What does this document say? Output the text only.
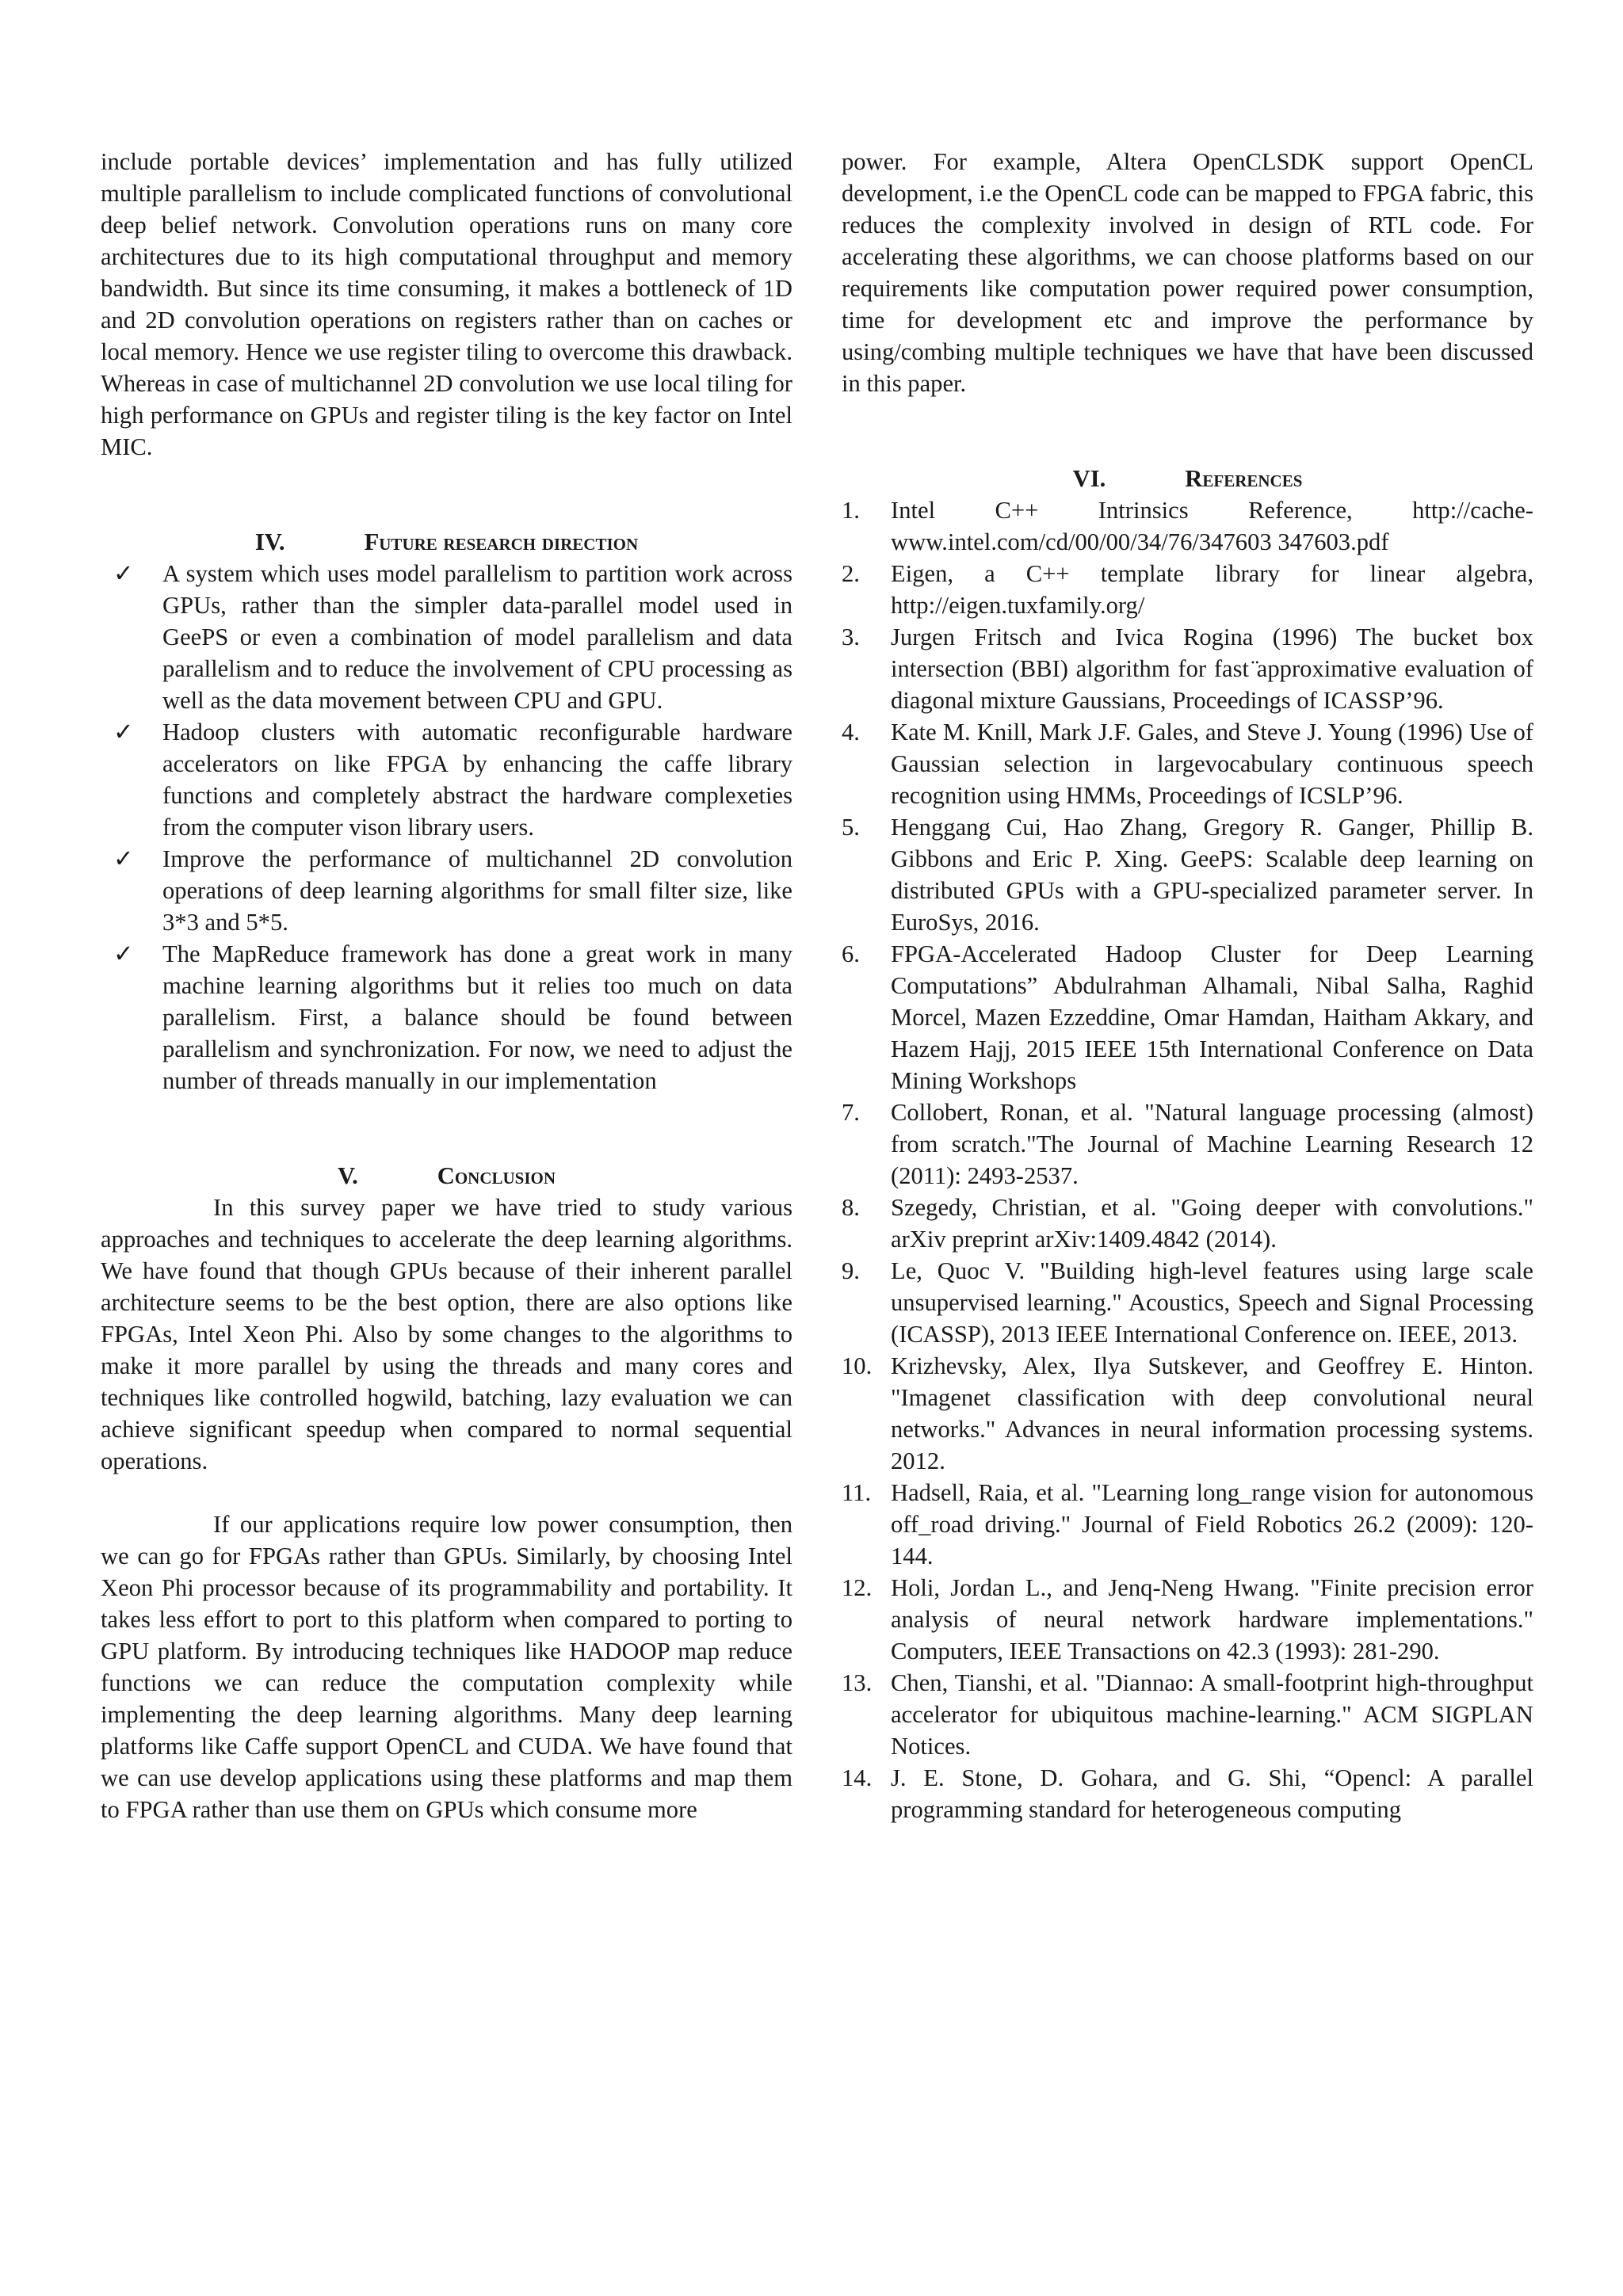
include portable devices’ implementation and has fully utilized multiple parallelism to include complicated functions of convolutional deep belief network. Convolution operations runs on many core architectures due to its high computational throughput and memory bandwidth. But since its time consuming, it makes a bottleneck of 1D and 2D convolution operations on registers rather than on caches or local memory. Hence we use register tiling to overcome this drawback. Whereas in case of multichannel 2D convolution we use local tiling for high performance on GPUs and register tiling is the key factor on Intel MIC.

IV.	Future research direction
✓ A system which uses model parallelism to partition work across GPUs, rather than the simpler data-parallel model used in GeePS or even a combination of model parallelism and data parallelism and to reduce the involvement of CPU processing as well as the data movement between CPU and GPU.
✓ Hadoop clusters with automatic reconfigurable hardware accelerators on like FPGA by enhancing the caffe library functions and completely abstract the hardware complexeties from the computer vison library users.
✓ Improve the performance of multichannel 2D convolution operations of deep learning algorithms for small filter size, like 3*3 and 5*5.
✓ The MapReduce framework has done a great work in many machine learning algorithms but it relies too much on data parallelism. First, a balance should be found between parallelism and synchronization. For now, we need to adjust the number of threads manually in our implementation
V.	Conclusion

In this survey paper we have tried to study various approaches and techniques to accelerate the deep learning algorithms. We have found that though GPUs because of their inherent parallel architecture seems to be the best option, there are also options like FPGAs, Intel Xeon Phi. Also by some changes to the algorithms to make it more parallel by using the threads and many cores and techniques like controlled hogwild, batching, lazy evaluation we can achieve significant speedup when compared to normal sequential operations.

If our applications require low power consumption, then we can go for FPGAs rather than GPUs. Similarly, by choosing Intel Xeon Phi processor because of its programmability and portability. It takes less effort to port to this platform when compared to porting to GPU platform. By introducing techniques like HADOOP map reduce functions we can reduce the computation complexity while implementing the deep learning algorithms. Many deep learning platforms like Caffe support OpenCL and CUDA. We have found that we can use develop applications using these platforms and map them to FPGA rather than use them on GPUs which consume more

power. For example, Altera OpenCLSDK support OpenCL development, i.e the OpenCL code can be mapped to FPGA fabric, this reduces the complexity involved in design of RTL code. For accelerating these algorithms, we can choose platforms based on our requirements like computation power required power consumption, time for development etc and improve the performance by using/combing multiple techniques we have that have been discussed in this paper.

VI.	References
1. Intel C++ Intrinsics Reference, http://cache-www.intel.com/cd/00/00/34/76/347603 347603.pdf
2. Eigen, a C++ template library for linear algebra, http://eigen.tuxfamily.org/
3. Jurgen Fritsch and Ivica Rogina (1996) The bucket box intersection (BBI) algorithm for fast ̈approximative evaluation of diagonal mixture Gaussians, Proceedings of ICASSP’96.
4. Kate M. Knill, Mark J.F. Gales, and Steve J. Young (1996) Use of Gaussian selection in largevocabulary continuous speech recognition using HMMs, Proceedings of ICSLP’96.
5. Henggang Cui, Hao Zhang, Gregory R. Ganger, Phillip B. Gibbons and Eric P. Xing. GeePS: Scalable deep learning on distributed GPUs with a GPU-specialized parameter server. In EuroSys, 2016.
6. FPGA-Accelerated Hadoop Cluster for Deep Learning Computations” Abdulrahman Alhamali, Nibal Salha, Raghid Morcel, Mazen Ezzeddine, Omar Hamdan, Haitham Akkary, and Hazem Hajj, 2015 IEEE 15th International Conference on Data Mining Workshops
7. Collobert, Ronan, et al. "Natural language processing (almost) from scratch."The Journal of Machine Learning Research 12 (2011): 2493-2537.
8. Szegedy, Christian, et al. "Going deeper with convolutions." arXiv preprint arXiv:1409.4842 (2014).
9. Le, Quoc V. "Building high-level features using large scale unsupervised learning." Acoustics, Speech and Signal Processing (ICASSP), 2013 IEEE International Conference on. IEEE, 2013.
10. Krizhevsky, Alex, Ilya Sutskever, and Geoffrey E. Hinton. "Imagenet classification with deep convolutional neural networks." Advances in neural information processing systems. 2012.
11. Hadsell, Raia, et al. "Learning long_range vision for autonomous off_road driving." Journal of Field Robotics 26.2 (2009): 120-144.
12. Holi, Jordan L., and Jenq-Neng Hwang. "Finite precision error analysis of neural network hardware implementations." Computers, IEEE Transactions on 42.3 (1993): 281-290.
13. Chen, Tianshi, et al. "Diannao: A small-footprint high-throughput accelerator for ubiquitous machine-learning." ACM SIGPLAN Notices.
14. J. E. Stone, D. Gohara, and G. Shi, “Opencl: A parallel programming standard for heterogeneous computing
